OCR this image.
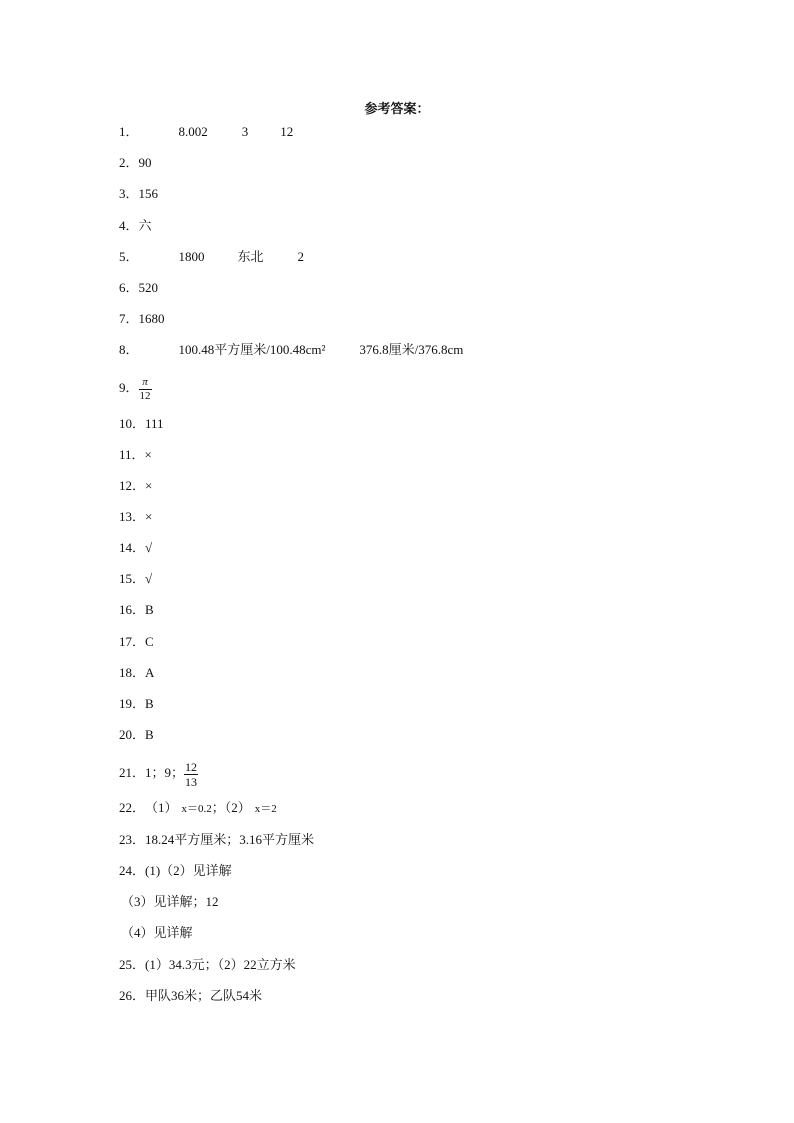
参考答案：
1．	8.002	3 12
2．90
3．156
4．六
5．	1800	东北	2
6．520
7．1680
8．	100.48平方厘米/100.48cm²	376.8厘米/376.8cm
9． $\frac{\pi}{12}$
10．111
11．×
12．×
13．×
14．√
15．√
16．B
17．C
18．A
19．B
20．B
21．1；9； $\frac{12}{13}$
22．（1） x＝0.2；（2） x＝2
23．18.24平方厘米；3.16平方厘米
24．(1)（2）见详解
（3）见详解；12
（4）见详解
25．(1）34.3元；（2）22立方米
26．甲队36米；乙队54米
